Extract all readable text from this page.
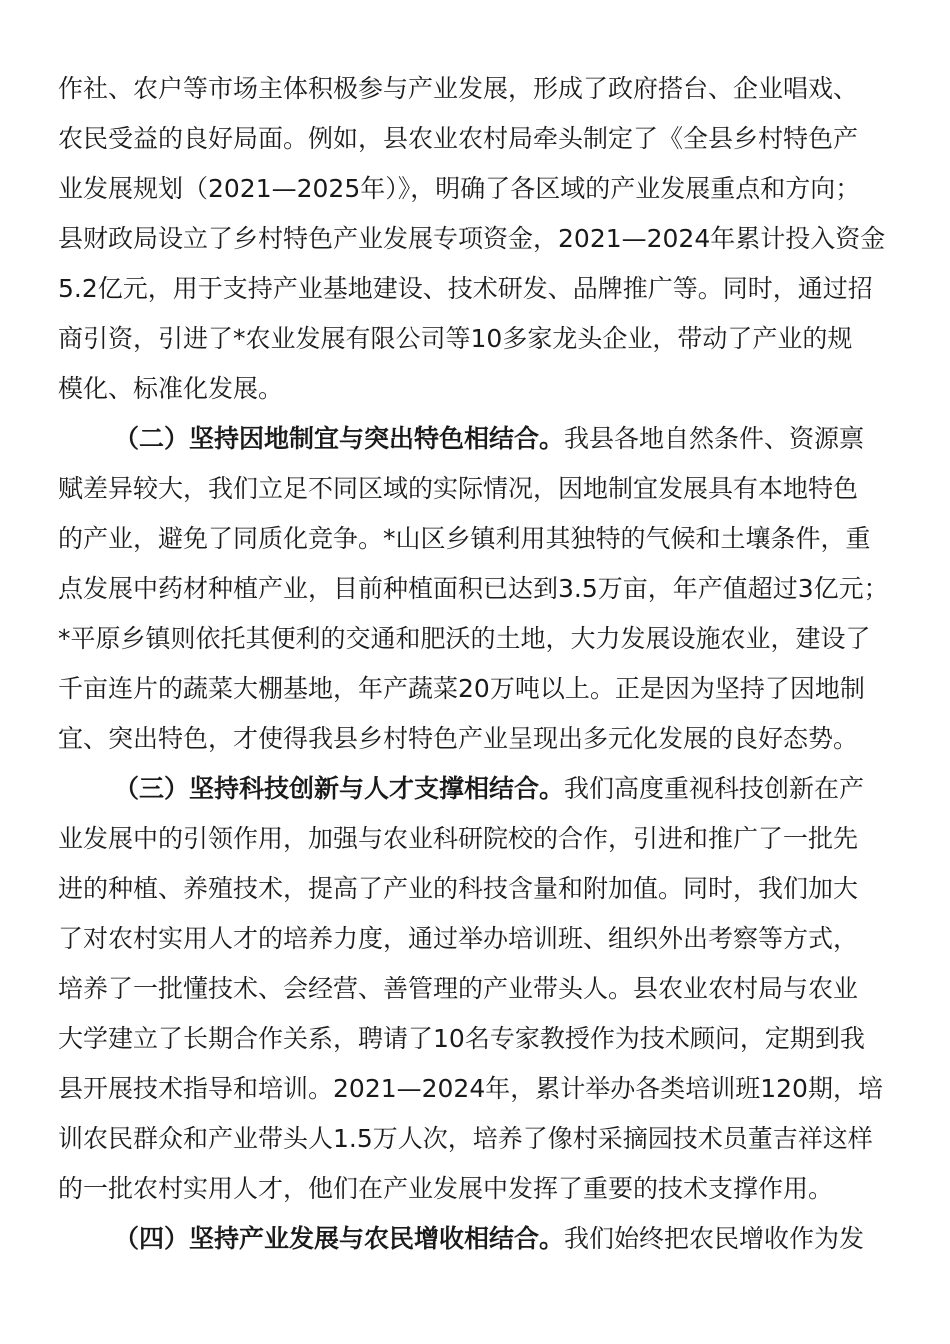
作社、农户等市场主体积极参与产业发展，形成了政府搭台、企业唱戏、
农民受益的良好局面。例如，县农业农村局牵头制定了《全县乡村特色产
业发展规划（2021—2025年）》，明确了各区域的产业发展重点和方向；
县财政局设立了乡村特色产业发展专项资金，2021—2024年累计投入资金
5.2亿元，用于支持产业基地建设、技术研发、品牌推广等。同时，通过招
商引资，引进了*农业发展有限公司等10多家龙头企业，带动了产业的规
模化、标准化发展。
（二）坚持因地制宜与突出特色相结合。我县各地自然条件、资源禀
赋差异较大，我们立足不同区域的实际情况，因地制宜发展具有本地特色
的产业，避免了同质化竞争。*山区乡镇利用其独特的气候和土壤条件，重
点发展中药材种植产业，目前种植面积已达到3.5万亩，年产值超过3亿元；
*平原乡镇则依托其便利的交通和肥沃的土地，大力发展设施农业，建设了
千亩连片的蔬菜大棚基地，年产蔬菜20万吨以上。正是因为坚持了因地制
宜、突出特色，才使得我县乡村特色产业呈现出多元化发展的良好态势。
（三）坚持科技创新与人才支撑相结合。我们高度重视科技创新在产
业发展中的引领作用，加强与农业科研院校的合作，引进和推广了一批先
进的种植、养殖技术，提高了产业的科技含量和附加值。同时，我们加大
了对农村实用人才的培养力度，通过举办培训班、组织外出考察等方式，
培养了一批懂技术、会经营、善管理的产业带头人。县农业农村局与农业
大学建立了长期合作关系，聘请了10名专家教授作为技术顾问，定期到我
县开展技术指导和培训。2021—2024年，累计举办各类培训班120期，培
训农民群众和产业带头人1.5万人次，培养了像村采摘园技术员董吉祥这样
的一批农村实用人才，他们在产业发展中发挥了重要的技术支撑作用。
（四）坚持产业发展与农民增收相结合。我们始终把农民增收作为发
